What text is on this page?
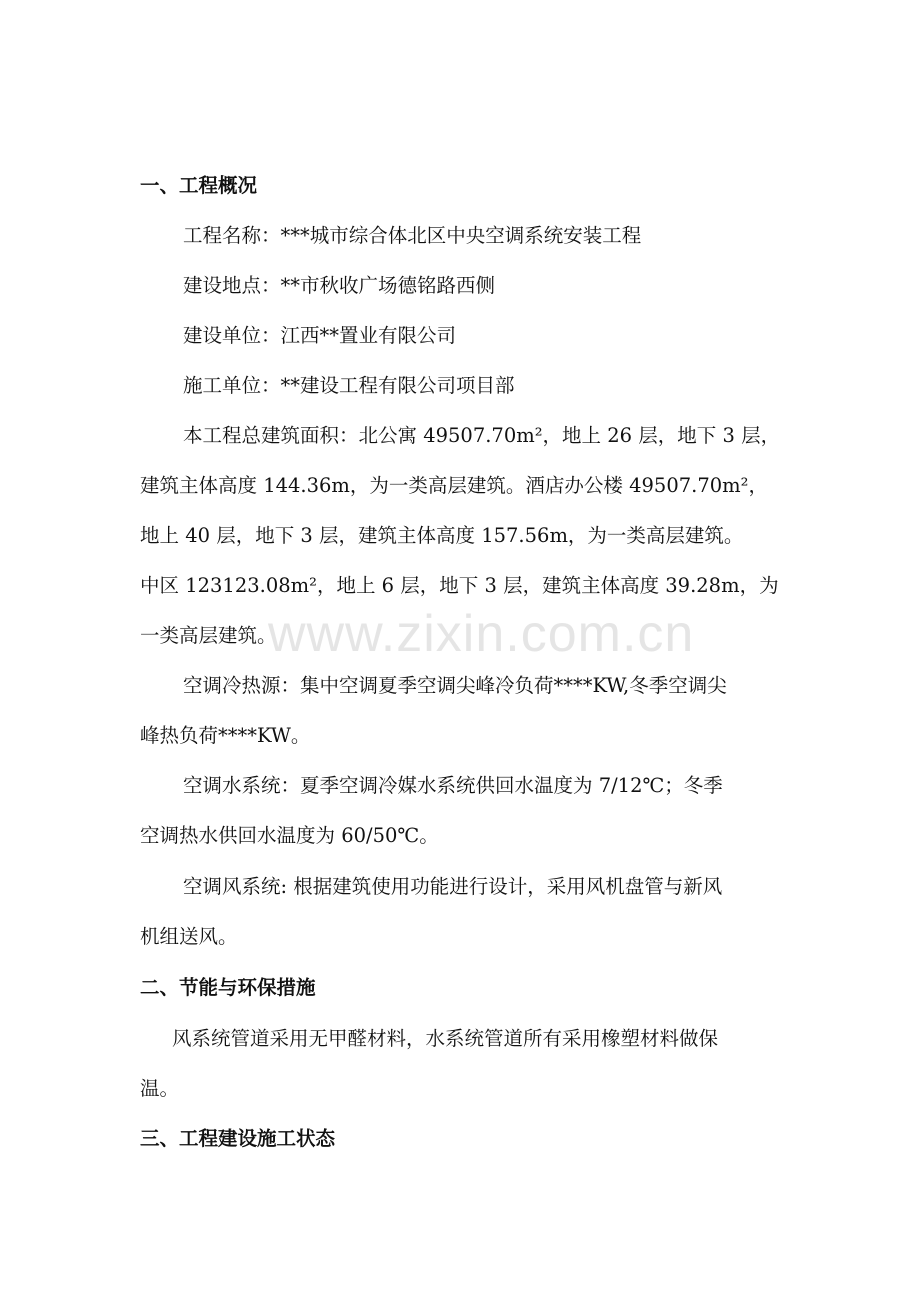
一、工程概况
工程名称：***城市综合体北区中央空调系统安装工程
建设地点：**市秋收广场德铭路西侧
建设单位：江西**置业有限公司
施工单位：**建设工程有限公司项目部
本工程总建筑面积：北公寓 49507.70m²，地上 26 层，地下 3 层，
建筑主体高度 144.36m，为一类高层建筑。酒店办公楼 49507.70m²，
地上 40 层，地下 3 层，建筑主体高度 157.56m，为一类高层建筑。
中区 123123.08m²，地上 6 层，地下 3 层，建筑主体高度 39.28m，为
一类高层建筑。
空调冷热源：集中空调夏季空调尖峰冷负荷****KW,冬季空调尖
峰热负荷****KW。
空调水系统：夏季空调冷媒水系统供回水温度为 7/12℃；冬季
空调热水供回水温度为 60/50℃。
空调风系统: 根据建筑使用功能进行设计，采用风机盘管与新风
机组送风。
二、节能与环保措施
风系统管道采用无甲醛材料，水系统管道所有采用橡塑材料做保
温。
三、工程建设施工状态
www.zixin.com.cn
